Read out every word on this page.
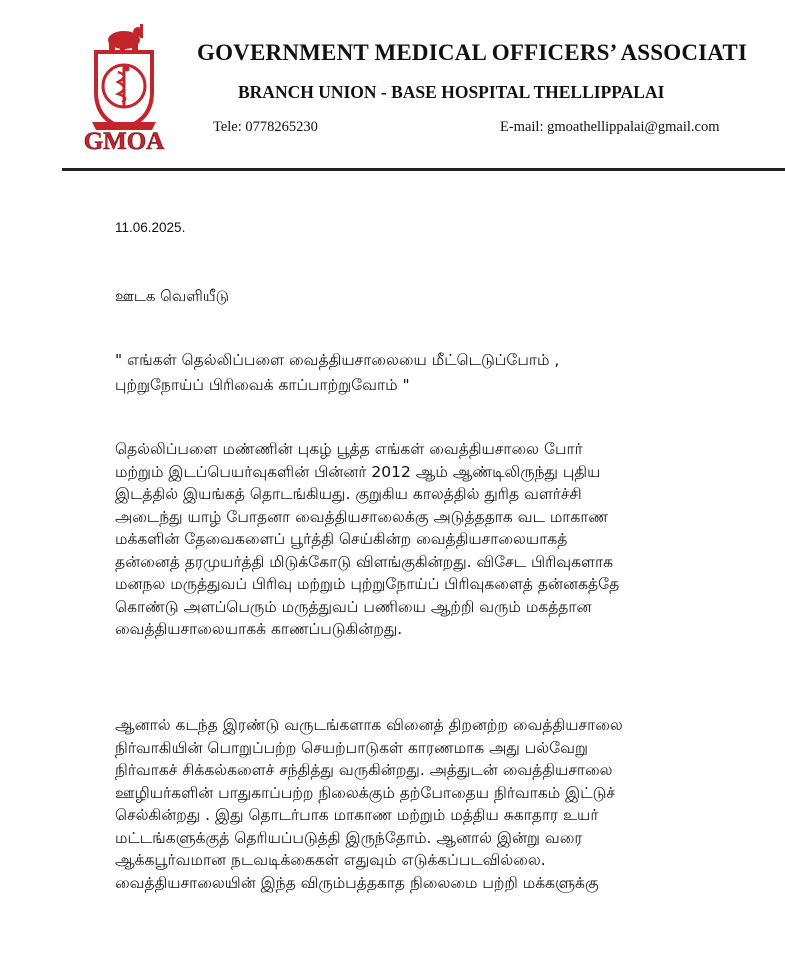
GMOA
GOVERNMENT MEDICAL OFFICERS’ ASSOCIATI
BRANCH UNION - BASE HOSPITAL THELLIPPALAI
Tele: 0778265230	E-mail: gmoathellippalai@gmail.com
11.06.2025.
ஊடக வெளியீடு
" எங்கள் தெல்லிப்பளை வைத்தியசாலையை மீட்டெடுப்போம் ,
புற்றுநோய்ப் பிரிவைக் காப்பாற்றுவோம் "
தெல்லிப்பளை மண்ணின் புகழ் பூத்த எங்கள் வைத்தியசாலை போர்
மற்றும் இடப்பெயர்வுகளின் பின்னர் 2012 ஆம் ஆண்டிலிருந்து புதிய
இடத்தில் இயங்கத் தொடங்கியது. குறுகிய காலத்தில் துரித வளர்ச்சி
அடைந்து யாழ் போதனா வைத்தியசாலைக்கு அடுத்ததாக வட மாகாண
மக்களின் தேவைகளைப் பூர்த்தி செய்கின்ற வைத்தியசாலையாகத்
தன்னைத் தரமுயர்த்தி மிடுக்கோடு விளங்குகின்றது. விசேட பிரிவுகளாக
மனநல மருத்துவப் பிரிவு மற்றும் புற்றுநோய்ப் பிரிவுகளைத் தன்னகத்தே
கொண்டு அளப்பெரும் மருத்துவப் பணியை ஆற்றி வரும் மகத்தான
வைத்தியசாலையாகக் காணப்படுகின்றது.
ஆனால் கடந்த இரண்டு வருடங்களாக வினைத் திறனற்ற வைத்தியசாலை
நிர்வாகியின் பொறுப்பற்ற செயற்பாடுகள் காரணமாக அது பல்வேறு
நிர்வாகச் சிக்கல்களைச் சந்தித்து வருகின்றது. அத்துடன் வைத்தியசாலை
ஊழியர்களின் பாதுகாப்பற்ற நிலைக்கும் தற்போதைய நிர்வாகம் இட்டுச்
செல்கின்றது . இது தொடர்பாக மாகாண மற்றும் மத்திய சுகாதார உயர்
மட்டங்களுக்குத் தெரியப்படுத்தி இருந்தோம். ஆனால் இன்று வரை
ஆக்கபூர்வமான நடவடிக்கைகள் எதுவும் எடுக்கப்படவில்லை.
வைத்தியசாலையின் இந்த விரும்பத்தகாத நிலைமை பற்றி மக்களுக்கு
